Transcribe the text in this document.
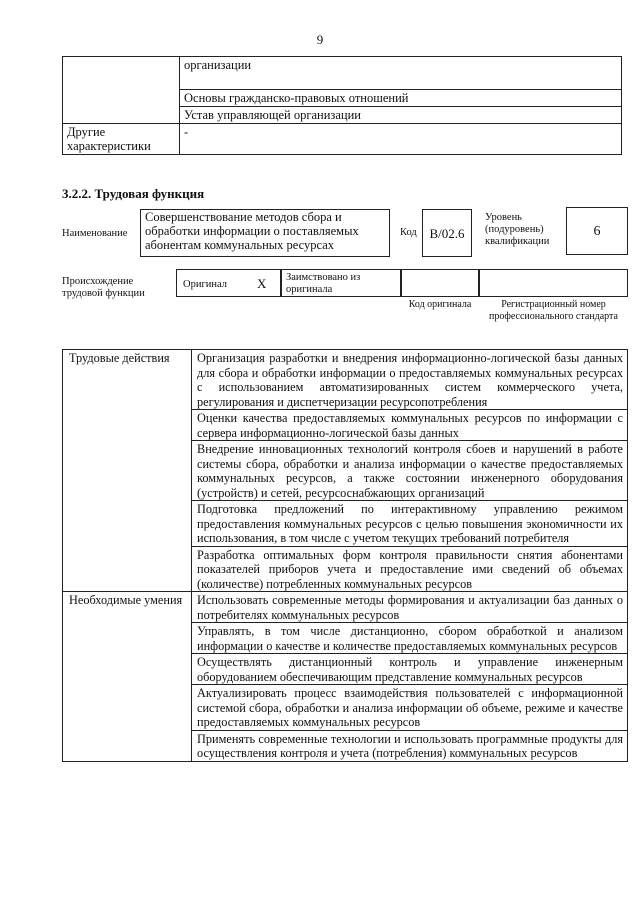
9
	организации
	Основы гражданско-правовых отношений
	Устав управляющей организации
Другие характеристики	-
3.2.2. Трудовая функция
Наименование
Совершенствование методов сбора и обработки информации о поставляемых абонентам коммунальных ресурсах
Код B/02.6
Уровень (подуровень) квалификации
6
Происхождение трудовой функции
Оригинал X Заимствовано из оригинала
Код оригинала	Регистрационный номер профессионального стандарта
Трудовые действия	Организация разработки и внедрения информационно-логической базы данных для сбора и обработки информации о предоставляемых коммунальных ресурсах с использованием автоматизированных систем коммерческого учета, регулирования и диспетчеризации ресурсопотребления
	Оценки качества предоставляемых коммунальных ресурсов по информации с сервера информационно-логической базы данных
	Внедрение инновационных технологий контроля сбоев и нарушений в работе системы сбора, обработки и анализа информации о качестве предоставляемых коммунальных ресурсов, а также состоянии инженерного оборудования (устройств) и сетей, ресурсоснабжающих организаций
	Подготовка предложений по интерактивному управлению режимом предоставления коммунальных ресурсов с целью повышения экономичности их использования, в том числе с учетом текущих требований потребителя
	Разработка оптимальных форм контроля правильности снятия абонентами показателей приборов учета и предоставление ими сведений об объемах (количестве) потребленных коммунальных ресурсов
Необходимые умения	Использовать современные методы формирования и актуализации баз данных о потребителях коммунальных ресурсов
	Управлять, в том числе дистанционно, сбором обработкой и анализом информации о качестве и количестве предоставляемых коммунальных ресурсов
	Осуществлять дистанционный контроль и управление инженерным оборудованием обеспечивающим представление коммунальных ресурсов
	Актуализировать процесс взаимодействия пользователей с информационной системой сбора, обработки и анализа информации об объеме, режиме и качестве предоставляемых коммунальных ресурсов
	Применять современные технологии и использовать программные продукты для осуществления контроля и учета (потребления) коммунальных ресурсов
